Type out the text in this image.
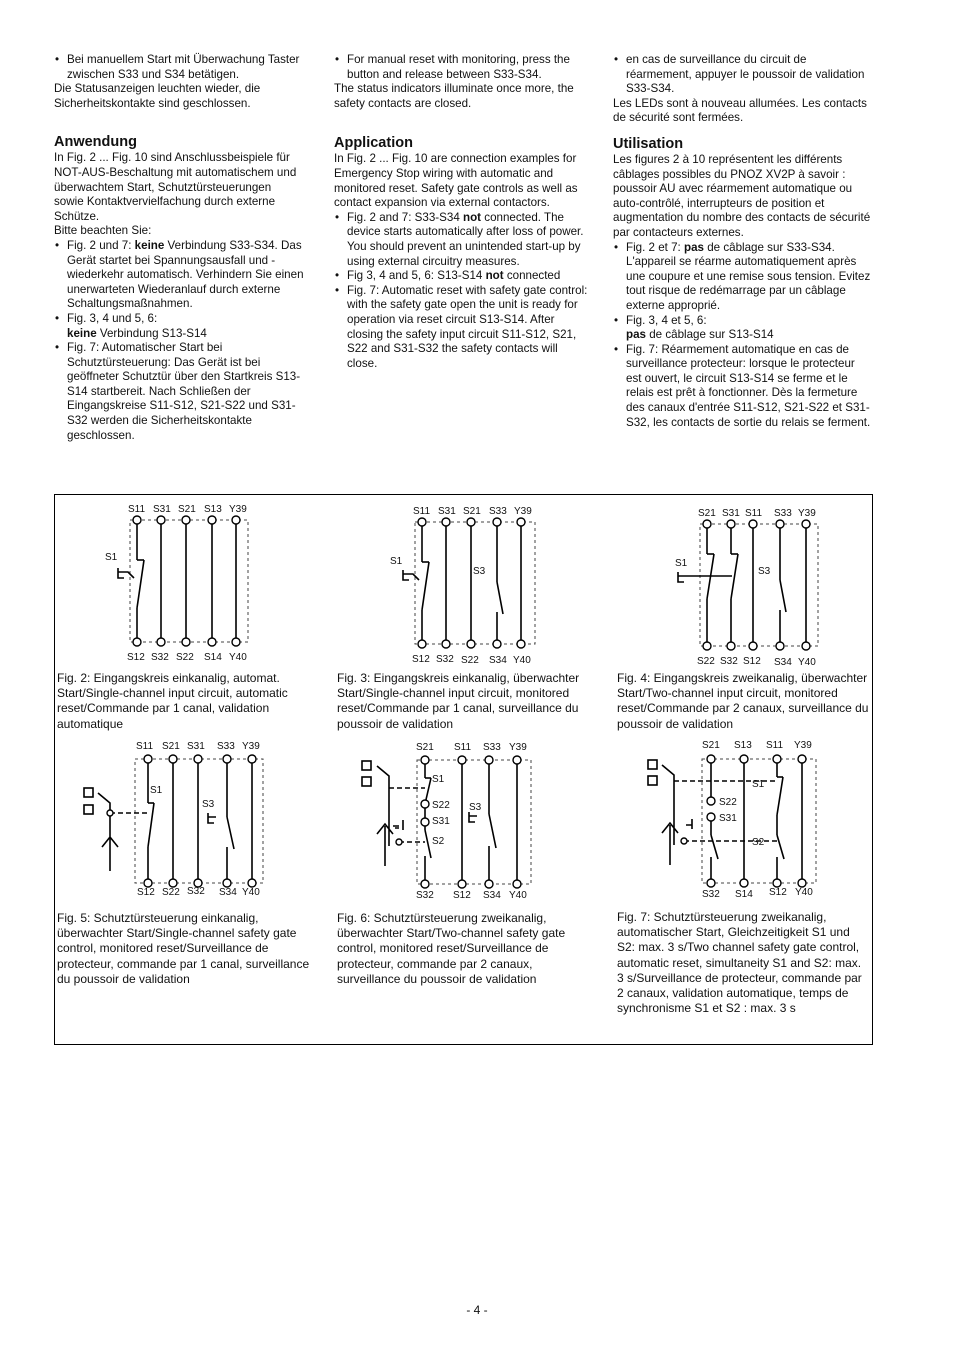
• Bei manuellem Start mit Überwachung Taster zwischen S33 und S34 betätigen.

Die Statusanzeigen leuchten wieder, die Sicherheitskontakte sind geschlossen.

Anwendung

In Fig. 2 ... Fig. 10 sind Anschlussbeispiele für NOT-AUS-Beschaltung mit automatischem und überwachtem Start, Schutztürsteuerungen sowie Kontaktvervielfachung durch externe Schütze.

Bitte beachten Sie:

• Fig. 2 und 7: keine Verbindung S33-S34. Das Gerät startet bei Spannungsausfall und -wiederkehr automatisch. Verhindern Sie einen unerwarteten Wiederanlauf durch externe Schaltungsmaßnahmen.
• Fig. 3, 4 und 5, 6:
keine Verbindung S13-S14
• Fig. 7: Automatischer Start bei Schutztürsteuerung: Das Gerät ist bei geöffneter Schutztür über den Startkreis S13-S14 startbereit. Nach Schließen der Eingangskreise S11-S12, S21-S22 und S31-S32 werden die Sicherheitskontakte geschlossen.
• For manual reset with monitoring, press the button and release between S33-S34.

The status indicators illuminate once more, the safety contacts are closed.

Application

In Fig. 2 ... Fig. 10 are connection examples for Emergency Stop wiring with automatic and monitored reset. Safety gate controls as well as contact expansion via external contactors.

• Fig. 2 and 7: S33-S34 not connected. The device starts automatically after loss of power. You should prevent an unintended start-up by using external circuitry measures.
• Fig 3, 4 and 5, 6: S13-S14 not connected
• Fig. 7: Automatic reset with safety gate control: with the safety gate open the unit is ready for operation via reset circuit S13-S14. After closing the safety input circuit S11-S12, S21, S22 and S31-S32 the safety contacts will close.
• en cas de surveillance du circuit de réarmement, appuyer le poussoir de validation S33-S34.

Les LEDs sont à nouveau allumées. Les contacts de sécurité sont fermées.

Utilisation

Les figures 2 à 10 représentent les différents câblages possibles du PNOZ XV2P à savoir : poussoir AU avec réarmement automatique ou auto-contrôlé, interrupteurs de position et augmentation du nombre des contacts de sécurité par contacteurs externes.

• Fig. 2 et 7: pas de câblage sur S33-S34. L'appareil se réarme automatiquement après une coupure et une remise sous tension. Evitez tout risque de redémarrage par un câblage externe approprié.
• Fig. 3, 4 et 5, 6:
pas de câblage sur S13-S14
• Fig. 7: Réarmement automatique en cas de surveillance protecteur: lorsque le protecteur est ouvert, le circuit S13-S14 se ferme et le relais est prêt à fonctionner. Dès la fermeture des canaux d'entrée S11-S12, S21-S22 et S31-S32, les contacts de sortie du relais se ferment.
S11 S31 S21 S13 Y39
S1
S12 S32 S22 S14 Y40
Fig. 2: Eingangskreis einkanalig, automat. Start/Single-channel input circuit, automatic reset/Commande par 1 canal, validation automatique
S11 S31 S21 S33 Y39
S1
S3
S12 S32 S22 S34 Y40
Fig. 3: Eingangskreis einkanalig, überwachter Start/Single-channel input circuit, monitored reset/Commande par 1 canal, surveillance du poussoir de validation
S21 S31 S11 S33 Y39
S1
S3
S22 S32 S12 S34 Y40
Fig. 4: Eingangskreis zweikanalig, überwachter Start/Two-channel input circuit, monitored reset/Commande par 2 canaux, surveillance du poussoir de validation
S11 S21 S31 S33 Y39
S1
S3
S12 S22 S32 S34 Y40
Fig. 5: Schutztürsteuerung einkanalig, überwachter Start/Single-channel safety gate control, monitored reset/Surveillance de protecteur, commande par 1 canal, surveillance du poussoir de validation
S21 S11 S33 Y39
S1
S22
S31
S2
S3
S32 S12 S34 Y40
Fig. 6: Schutztürsteuerung zweikanalig, überwachter Start/Two-channel safety gate control, monitored reset/Surveillance de protecteur, commande par 2 canaux, surveillance du poussoir de validation
S21 S13 S11 Y39
S1
S22
S31
S2
S32 S14 S12 Y40
Fig. 7: Schutztürsteuerung zweikanalig, automatischer Start, Gleichzeitigkeit S1 und S2: max. 3 s/Two channel safety gate control, automatic reset, simultaneity S1 and S2: max. 3 s/Surveillance de protecteur, commande par 2 canaux, validation automatique, temps de synchronisme S1 et S2 : max. 3 s
- 4 -
